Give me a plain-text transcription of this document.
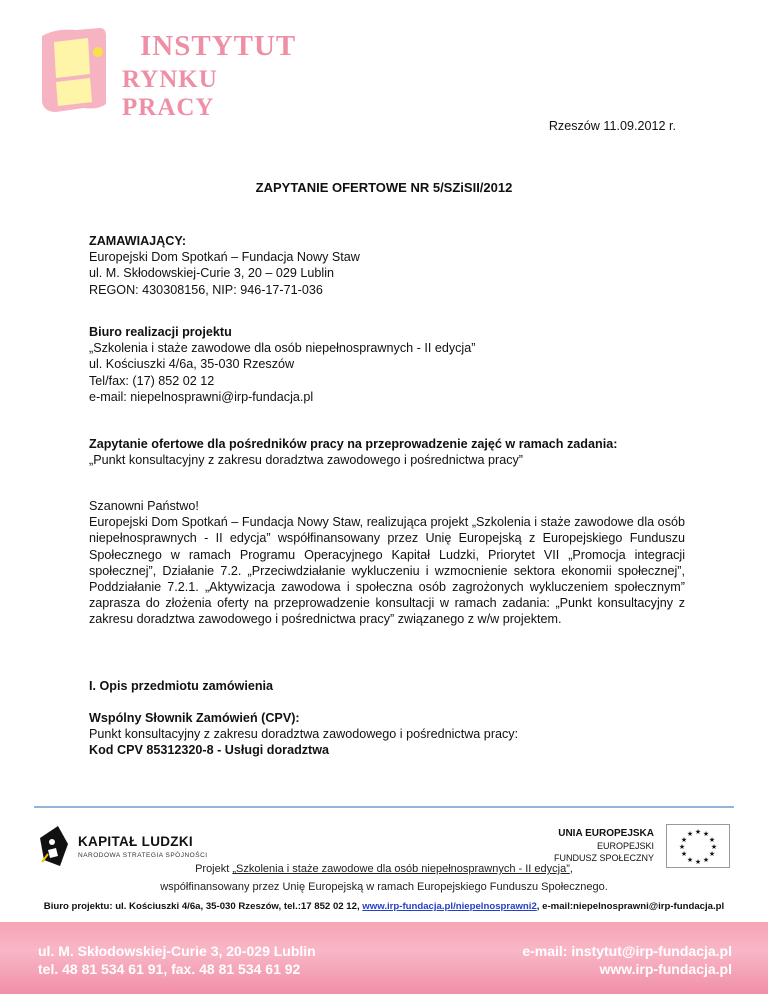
INSTYTUT
RYNKU PRACY
Rzeszów 11.09.2012 r.
ZAPYTANIE OFERTOWE NR 5/SZiSII/2012
ZAMAWIAJĄCY:
Europejski Dom Spotkań – Fundacja Nowy Staw
ul. M. Skłodowskiej-Curie 3, 20 – 029 Lublin
REGON: 430308156, NIP: 946-17-71-036
Biuro realizacji projektu
„Szkolenia i staże zawodowe dla osób niepełnosprawnych - II edycja”
ul. Kościuszki 4/6a, 35-030 Rzeszów
Tel/fax: (17) 852 02 12
e-mail: niepelnosprawni@irp-fundacja.pl
Zapytanie ofertowe dla pośredników pracy na przeprowadzenie zajęć w ramach zadania:
„Punkt konsultacyjny z zakresu doradztwa zawodowego i pośrednictwa pracy”

Szanowni Państwo!

Europejski Dom Spotkań – Fundacja Nowy Staw, realizująca projekt „Szkolenia i staże zawodowe dla osób niepełnosprawnych - II edycja” współfinansowany przez Unię Europejską z Europejskiego Funduszu Społecznego w ramach Programu Operacyjnego Kapitał Ludzki, Priorytet VII „Promocja integracji społecznej”, Działanie 7.2. „Przeciwdziałanie wykluczeniu i wzmocnienie sektora ekonomii społecznej”, Poddziałanie 7.2.1. „Aktywizacja zawodowa i społeczna osób zagrożonych wykluczeniem społecznym” zaprasza do złożenia oferty na przeprowadzenie konsultacji w ramach zadania: „Punkt konsultacyjny z zakresu doradztwa zawodowego i pośrednictwa pracy” związanego z w/w projektem.

I. Opis przedmiotu zamówienia
Wspólny Słownik Zamówień (CPV):
Punkt konsultacyjny z zakresu doradztwa zawodowego i pośrednictwa pracy:
Kod CPV 85312320-8 - Usługi doradztwa
KAPITAŁ LUDZKI
NARODOWA STRATEGIA SPÓJNOŚCI
UNIA EUROPEJSKA
EUROPEJSKI
FUNDUSZ SPOŁECZNY
★ ★
★
★
★
★
★
★
★
★
★
★
Projekt „Szkolenia i staże zawodowe dla osób niepełnosprawnych - II edycja”,
współfinansowany przez Unię Europejską w ramach Europejskiego Funduszu Społecznego.
Biuro projektu: ul. Kościuszki 4/6a, 35-030 Rzeszów, tel.:17 852 02 12, www.irp-fundacja.pl/niepelnosprawni2, e-mail:niepelnosprawni@irp-fundacja.pl
ul. M. Skłodowskiej-Curie 3, 20-029 Lublin
tel. 48 81 534 61 91, fax. 48 81 534 61 92
e-mail: instytut@irp-fundacja.pl
www.irp-fundacja.pl
